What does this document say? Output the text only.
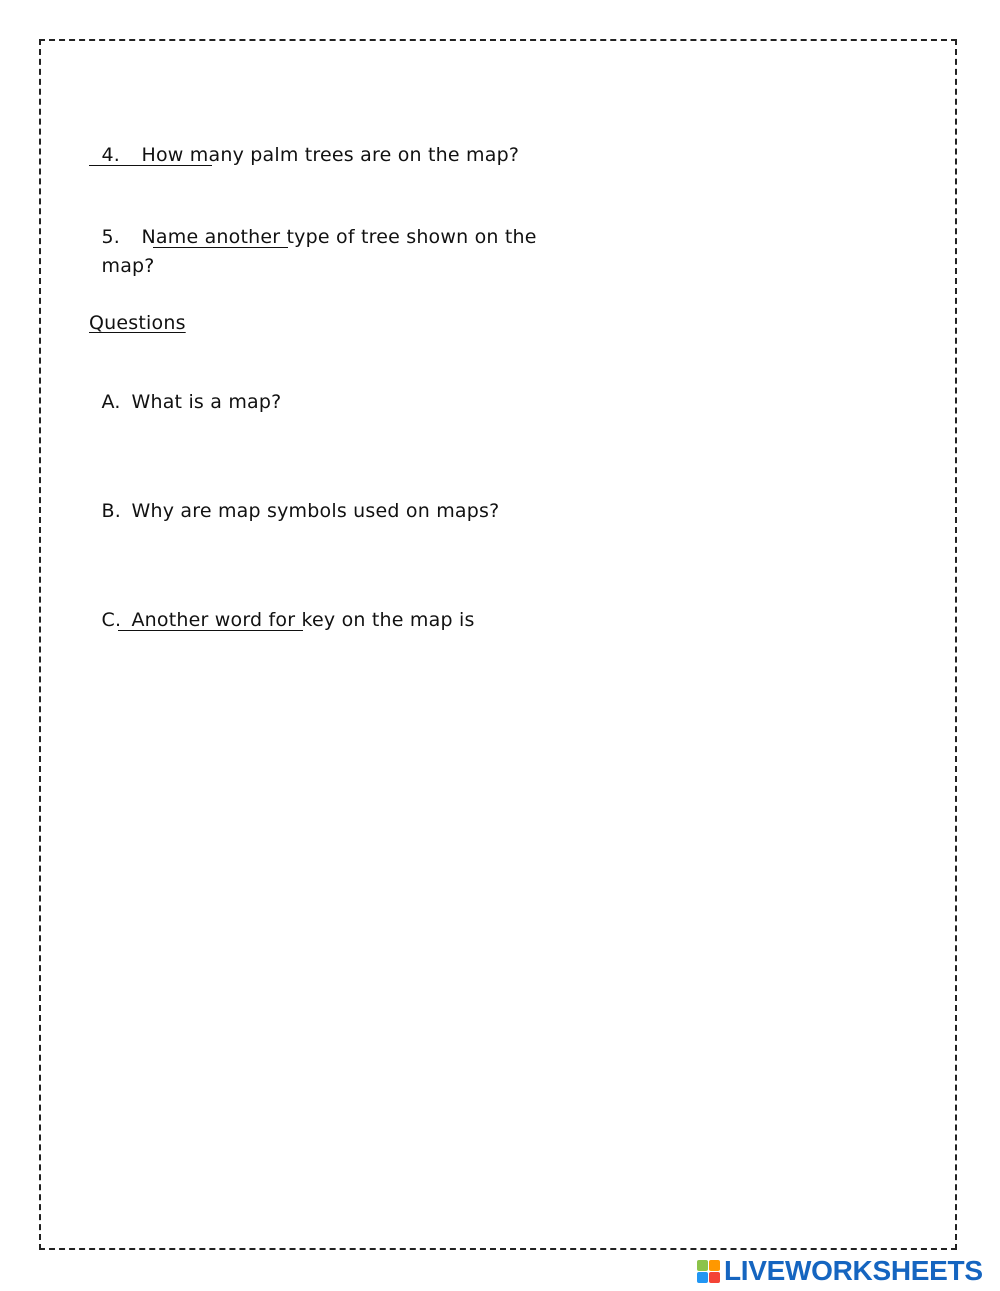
4. How many palm trees are on the map?

5. Name another type of tree shown on the

map?

Questions

A. What is a map?

B. Why are map symbols used on maps?

C. Another word for key on the map is

LIVEWORKSHEETS
